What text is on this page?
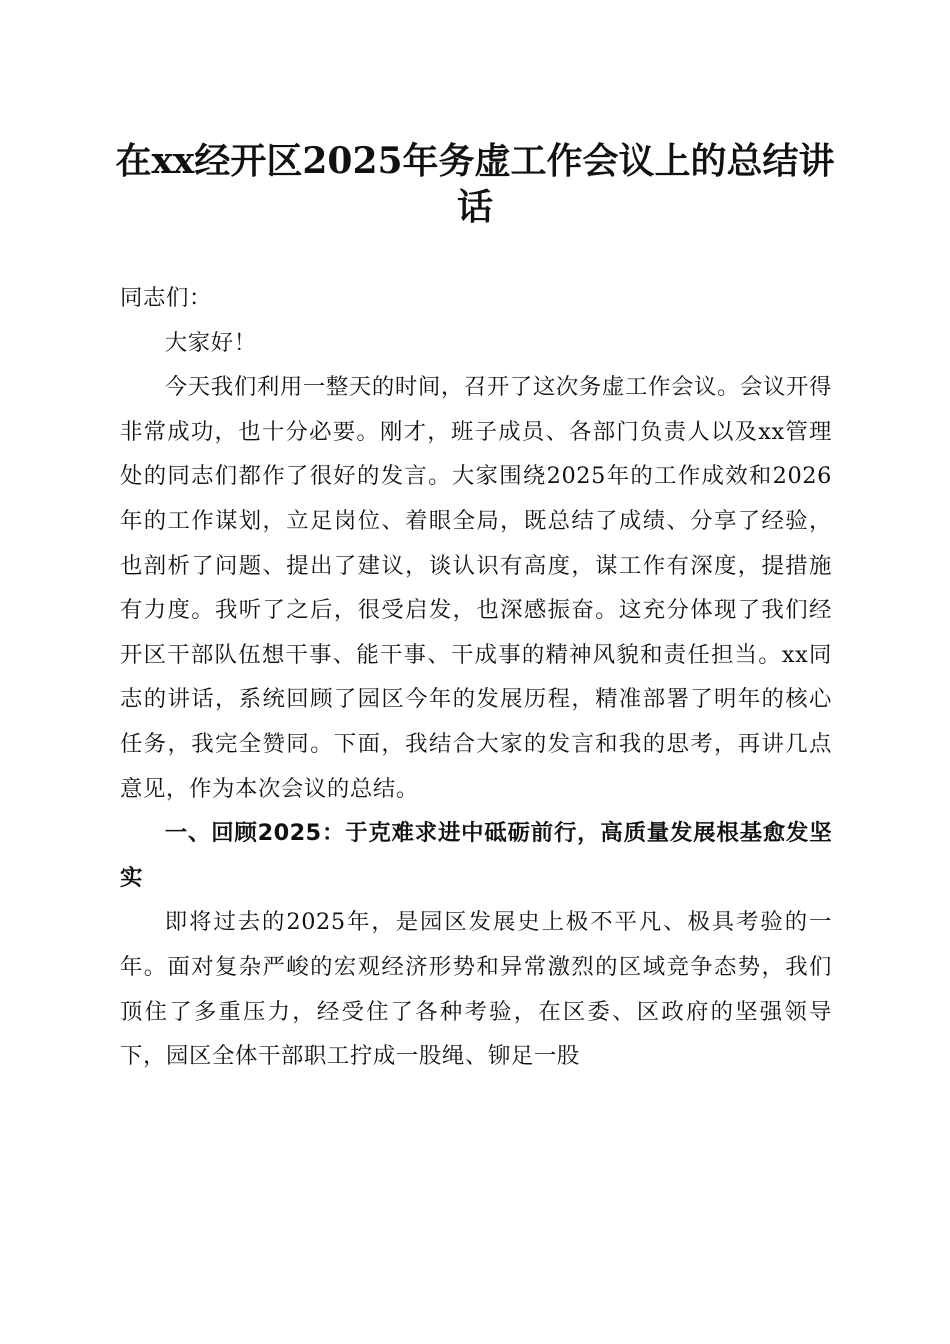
在xx经开区2025年务虚工作会议上的总结讲话

同志们：

大家好！

今天我们利用一整天的时间，召开了这次务虚工作会议。会议开得非常成功，也十分必要。刚才，班子成员、各部门负责人以及xx管理处的同志们都作了很好的发言。大家围绕2025年的工作成效和2026年的工作谋划，立足岗位、着眼全局，既总结了成绩、分享了经验，也剖析了问题、提出了建议，谈认识有高度，谋工作有深度，提措施有力度。我听了之后，很受启发，也深感振奋。这充分体现了我们经开区干部队伍想干事、能干事、干成事的精神风貌和责任担当。xx同志的讲话，系统回顾了园区今年的发展历程，精准部署了明年的核心任务，我完全赞同。下面，我结合大家的发言和我的思考，再讲几点意见，作为本次会议的总结。

一、回顾2025：于克难求进中砥砺前行，高质量发展根基愈发坚实

即将过去的2025年，是园区发展史上极不平凡、极具考验的一年。面对复杂严峻的宏观经济形势和异常激烈的区域竞争态势，我们顶住了多重压力，经受住了各种考验，在区委、区政府的坚强领导下，园区全体干部职工拧成一股绳、铆足一股
